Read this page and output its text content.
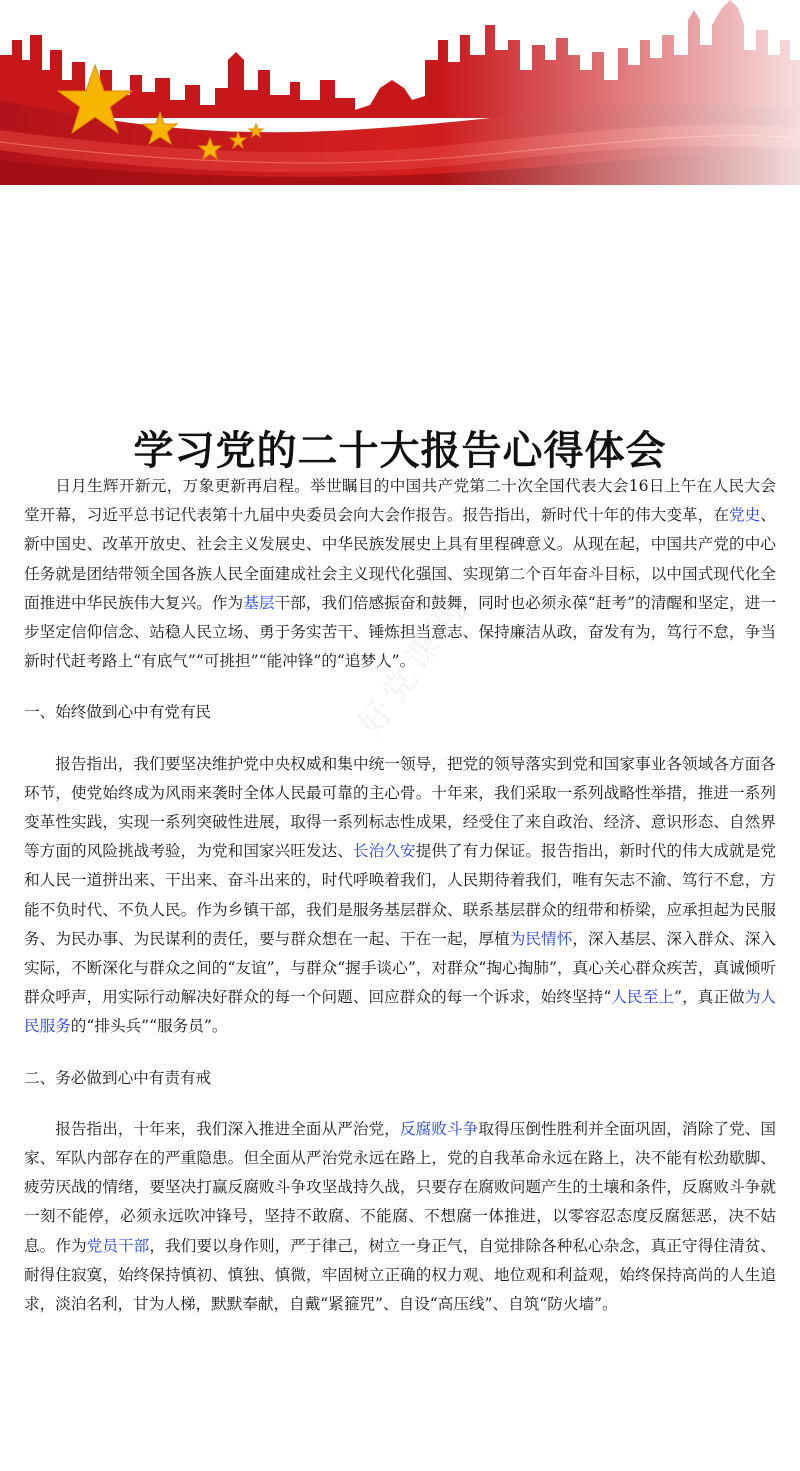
好党课网
学习党的二十大报告心得体会

日月生辉开新元，万象更新再启程。举世瞩目的中国共产党第二十次全国代表大会16日上午在人民大会堂开幕，习近平总书记代表第十九届中央委员会向大会作报告。报告指出，新时代十年的伟大变革，在党史、新中国史、改革开放史、社会主义发展史、中华民族发展史上具有里程碑意义。从现在起，中国共产党的中心任务就是团结带领全国各族人民全面建成社会主义现代化强国、实现第二个百年奋斗目标，以中国式现代化全面推进中华民族伟大复兴。作为基层干部，我们倍感振奋和鼓舞，同时也必须永葆“赶考”的清醒和坚定，进一步坚定信仰信念、站稳人民立场、勇于务实苦干、锤炼担当意志、保持廉洁从政，奋发有为，笃行不怠，争当新时代赶考路上“有底气”“可挑担”“能冲锋”的“追梦人”。

一、始终做到心中有党有民

报告指出，我们要坚决维护党中央权威和集中统一领导，把党的领导落实到党和国家事业各领域各方面各环节，使党始终成为风雨来袭时全体人民最可靠的主心骨。十年来，我们采取一系列战略性举措，推进一系列变革性实践，实现一系列突破性进展，取得一系列标志性成果，经受住了来自政治、经济、意识形态、自然界等方面的风险挑战考验，为党和国家兴旺发达、长治久安提供了有力保证。报告指出，新时代的伟大成就是党和人民一道拼出来、干出来、奋斗出来的，时代呼唤着我们，人民期待着我们，唯有矢志不渝、笃行不怠，方能不负时代、不负人民。作为乡镇干部，我们是服务基层群众、联系基层群众的纽带和桥梁，应承担起为民服务、为民办事、为民谋利的责任，要与群众想在一起、干在一起，厚植为民情怀，深入基层、深入群众、深入实际，不断深化与群众之间的“友谊”，与群众“握手谈心”，对群众“掏心掏肺”，真心关心群众疾苦，真诚倾听群众呼声，用实际行动解决好群众的每一个问题、回应群众的每一个诉求，始终坚持“人民至上”，真正做为人民服务的“排头兵”“服务员”。

二、务必做到心中有责有戒

报告指出，十年来，我们深入推进全面从严治党，反腐败斗争取得压倒性胜利并全面巩固，消除了党、国家、军队内部存在的严重隐患。但全面从严治党永远在路上，党的自我革命永远在路上，决不能有松劲歇脚、疲劳厌战的情绪，要坚决打赢反腐败斗争攻坚战持久战，只要存在腐败问题产生的土壤和条件，反腐败斗争就一刻不能停，必须永远吹冲锋号，坚持不敢腐、不能腐、不想腐一体推进，以零容忍态度反腐惩恶，决不姑息。作为党员干部，我们要以身作则，严于律己，树立一身正气，自觉排除各种私心杂念，真正守得住清贫、耐得住寂寞，始终保持慎初、慎独、慎微，牢固树立正确的权力观、地位观和利益观，始终保持高尚的人生追求，淡泊名利，甘为人梯，默默奉献，自戴“紧箍咒”、自设“高压线”、自筑“防火墙”。
